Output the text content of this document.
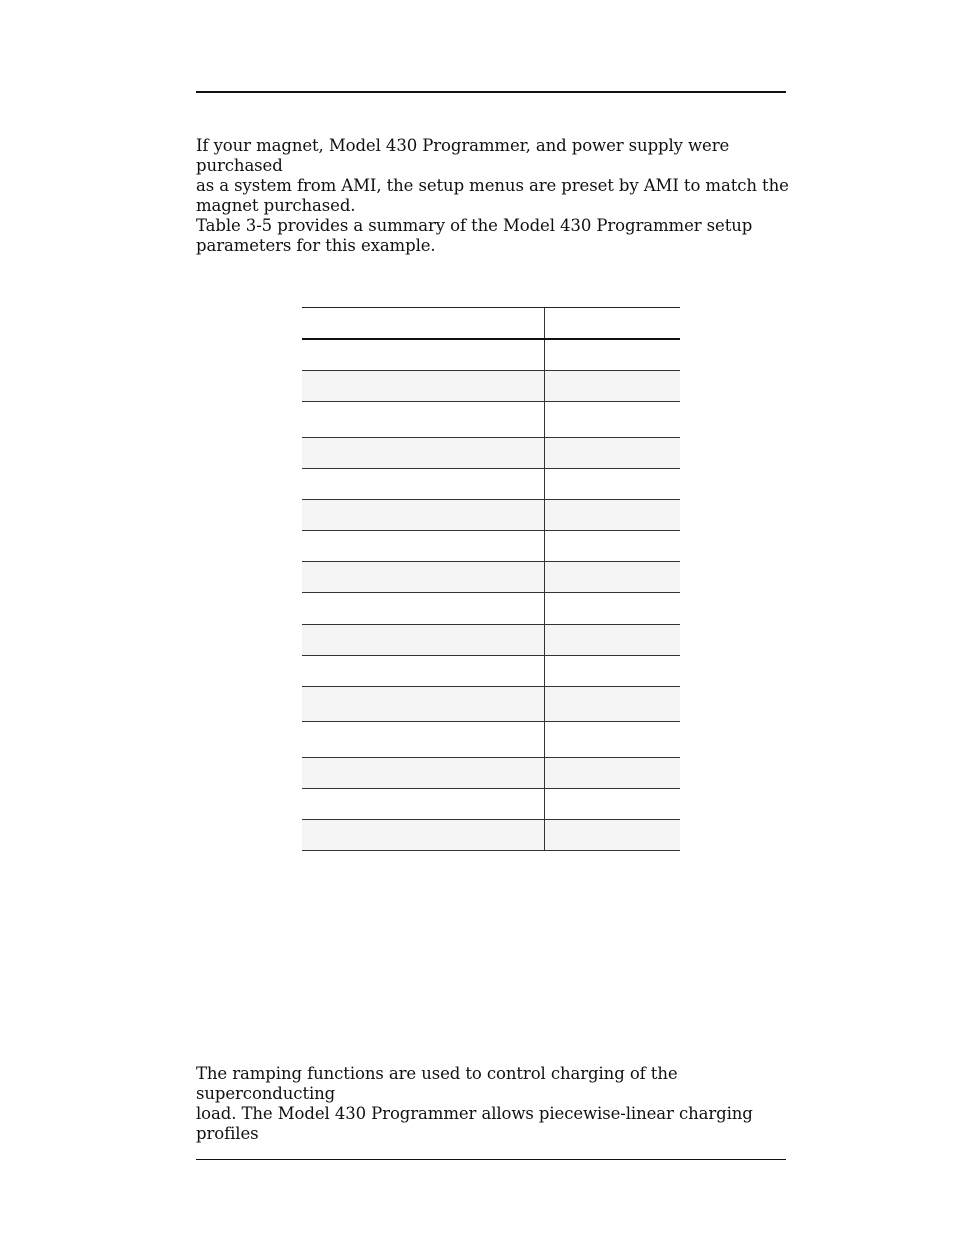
If your magnet, Model 430 Programmer, and power supply were purchased
as a system from AMI, the setup menus are preset by AMI to match the
magnet purchased.

Table 3-5 provides a summary of the Model 430 Programmer setup
parameters for this example.

The ramping functions are used to control charging of the superconducting
load. The Model 430 Programmer allows piecewise-linear charging profiles
